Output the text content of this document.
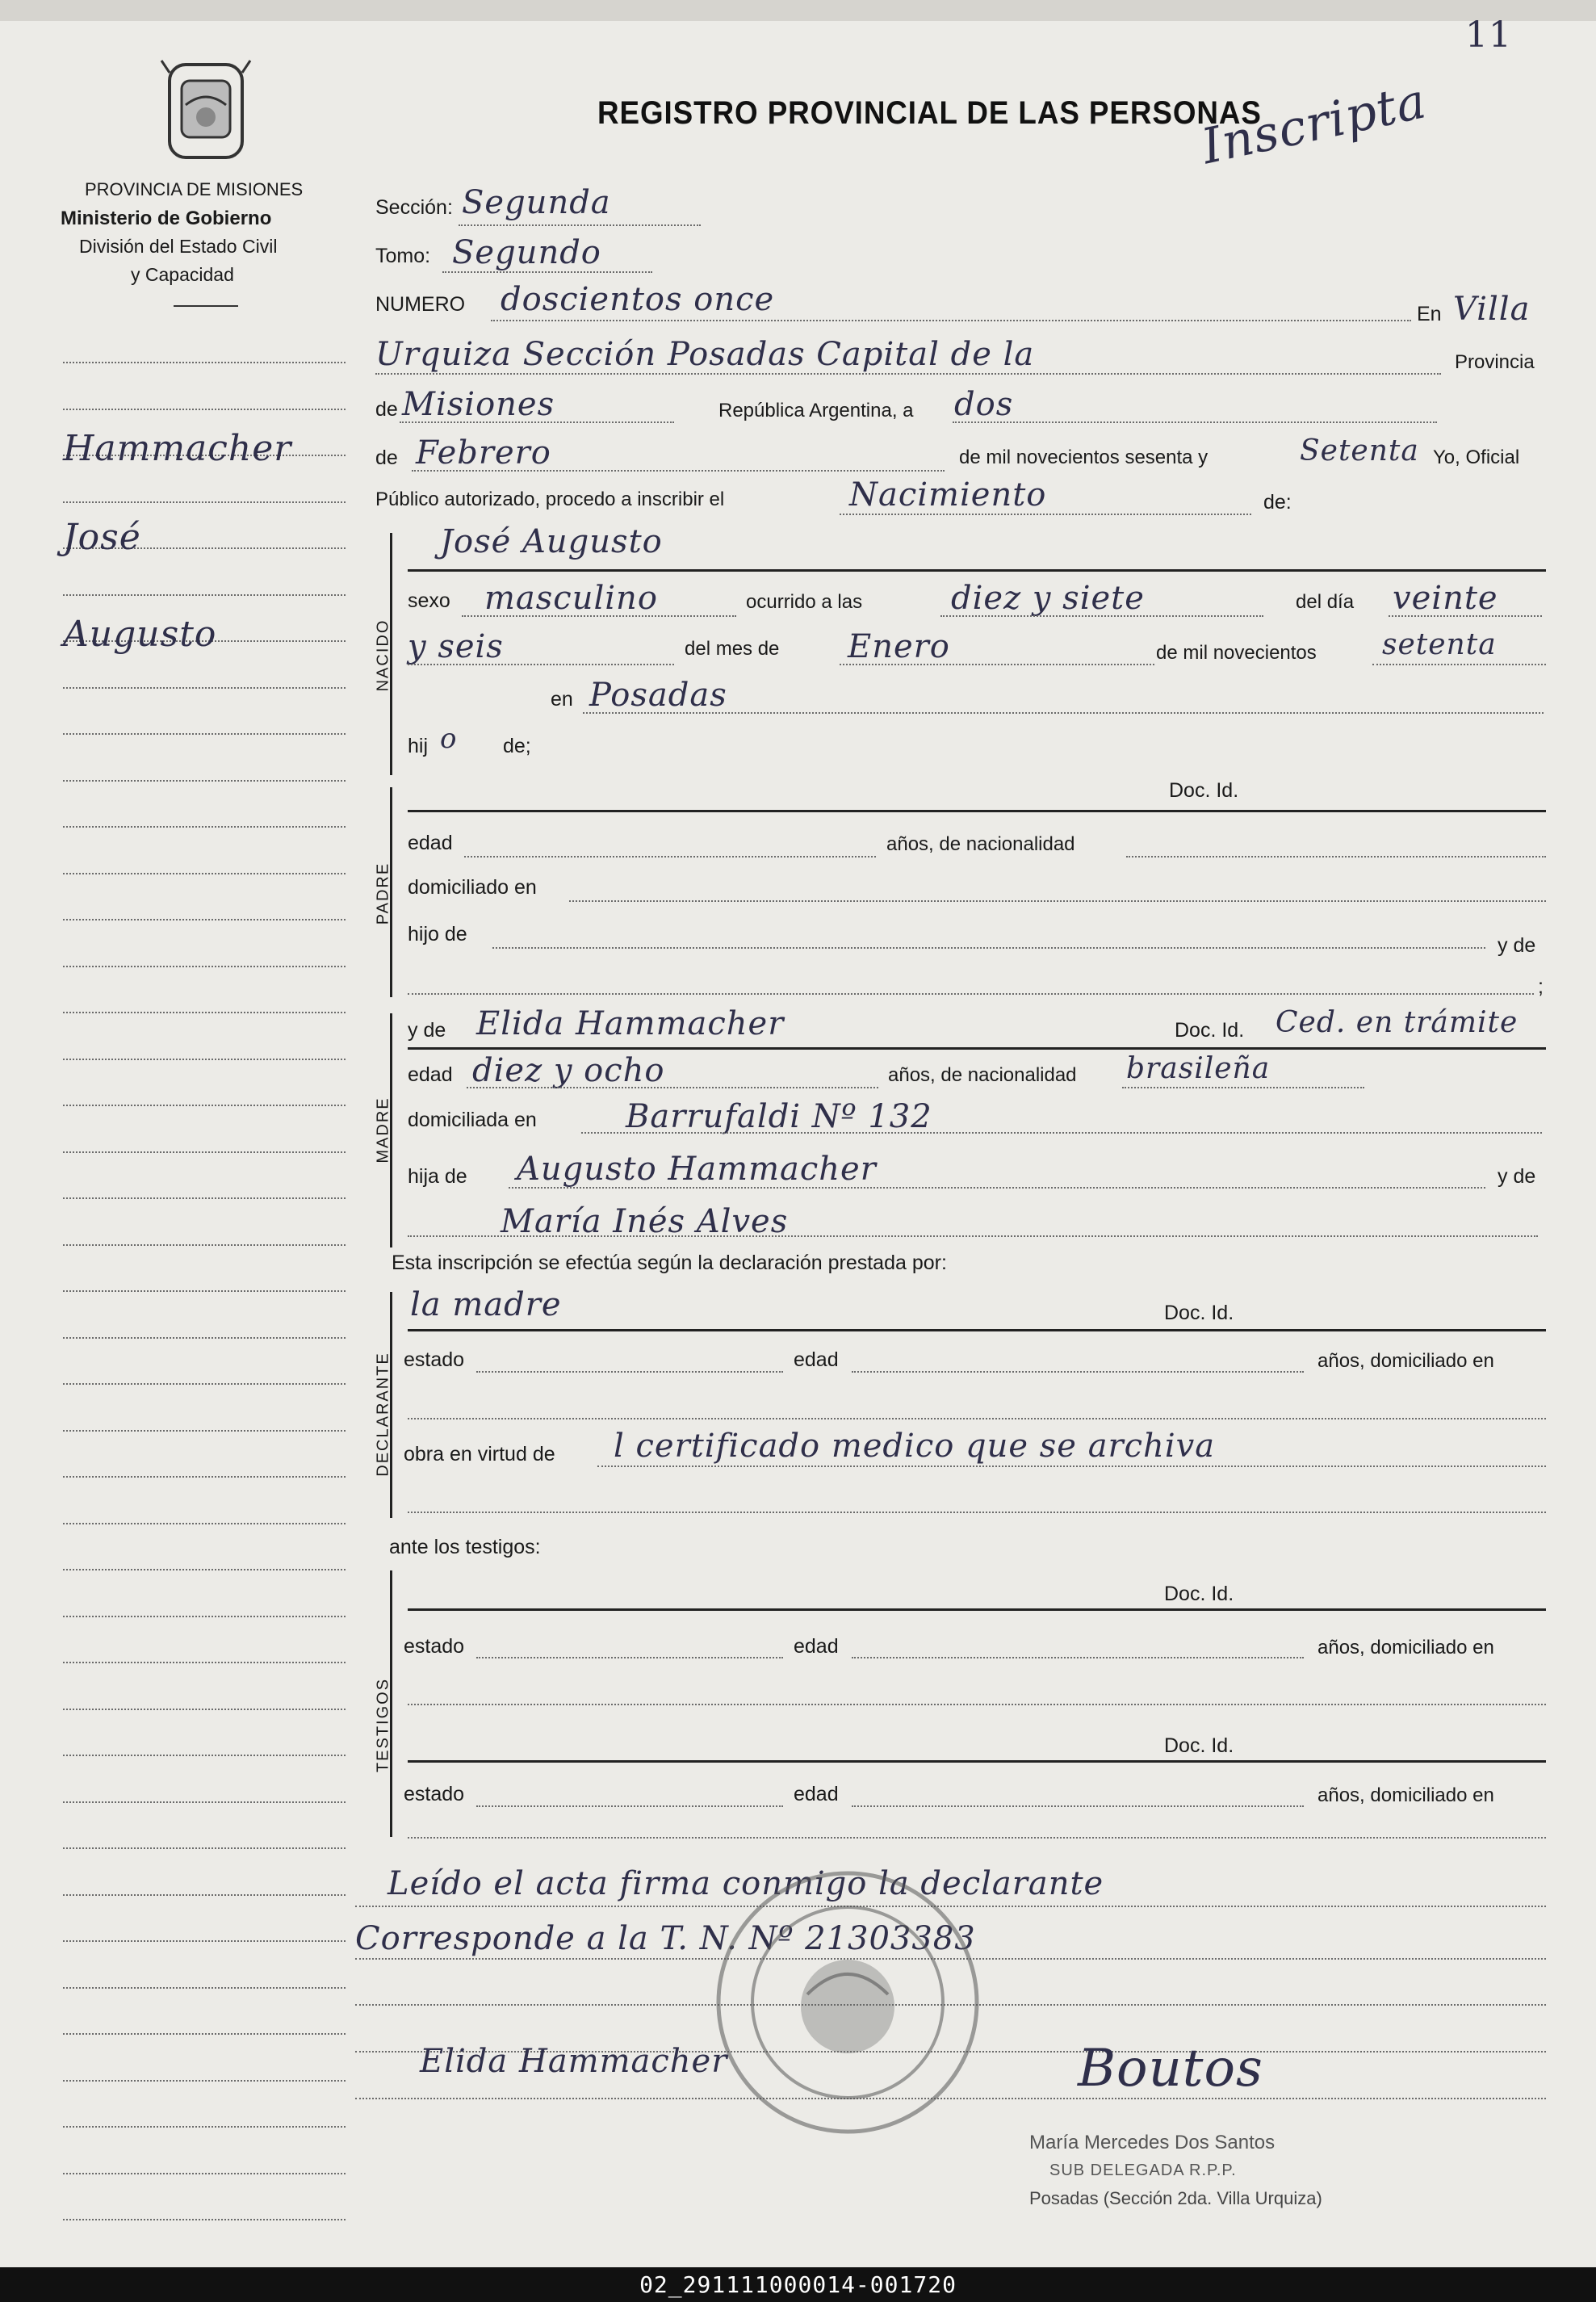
PROVINCIA DE MISIONES
Ministerio de Gobierno
División del Estado Civil
y Capacidad
REGISTRO PROVINCIAL DE LAS PERSONAS
11
Inscripta
Hammacher
José
Augusto
Sección: Segunda
Tomo: Segundo
NUMERO doscientos once	En Villa
Urquiza Sección Posadas Capital de la	Provincia
de Misiones	República Argentina, a dos
de Febrero	de mil novecientos sesenta y	Setenta Yo, Oficial
Público autorizado, procedo a inscribir el	Nacimiento	de:
NACIDO
José Augusto
sexo masculino	ocurrido a las	diez y siete	del día veinte
y seis	del mes de Enero	de mil novecientos setenta
en Posadas
hij o de;
PADRE
Doc. Id.
edad	años, de nacionalidad
domiciliado en
hijo de	y de
;
MADRE
y de Elida Hammacher	Doc. Id. Ced. en trámite
edad diez y ocho	años, de nacionalidad brasileña
domiciliada en	Barrufaldi Nº 132
hija de Augusto Hammacher	y de
María Inés Alves
Esta inscripción se efectúa según la declaración prestada por:
DECLARANTE
la madre	Doc. Id.
estado	edad	años, domiciliado en
obra en virtud de l certificado medico que se archiva
ante los testigos:
TESTIGOS
Doc. Id.
estado	edad	años, domiciliado en
Doc. Id.
estado	edad	años, domiciliado en
Leído el acta firma conmigo la declarante
Corresponde a la T. N. Nº 21303383
Elida Hammacher	Boutos
María Mercedes Dos Santos
SUB DELEGADA R.P.P.
Posadas (Sección 2da. Villa Urquiza)
02_291111000014-001720
